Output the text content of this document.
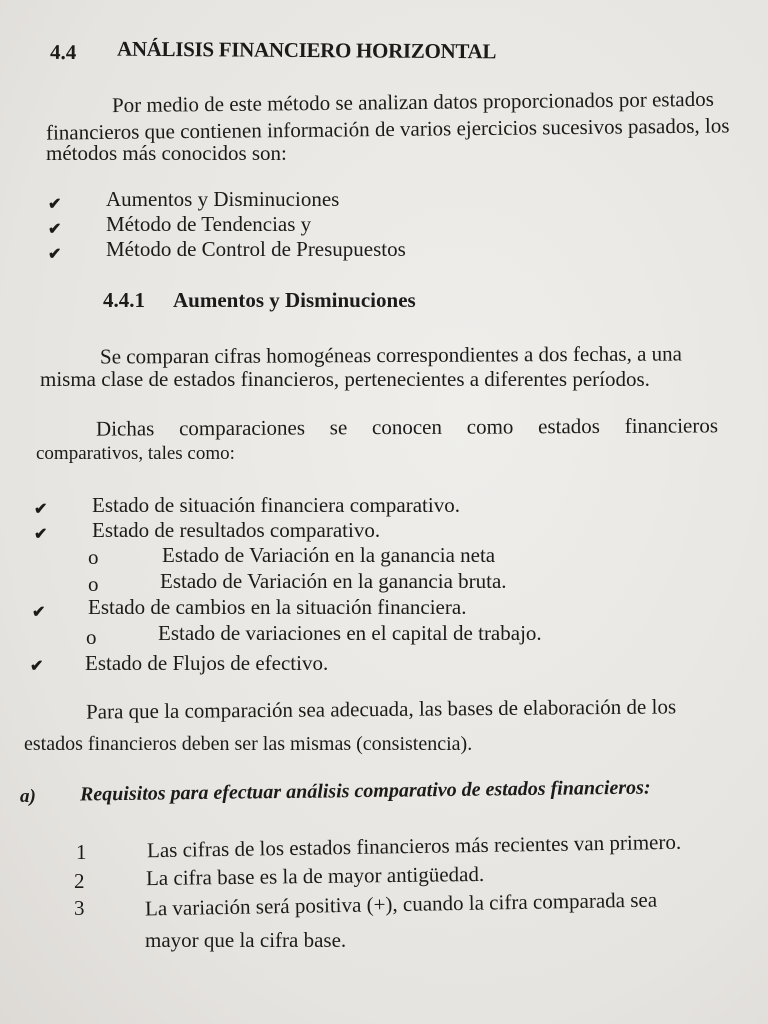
4.4 ANÁLISIS FINANCIERO HORIZONTAL
Por medio de este método se analizan datos proporcionados por estados
financieros que contienen información de varios ejercicios sucesivos pasados, los
métodos más conocidos son:
✔ Aumentos y Disminuciones
✔ Método de Tendencias y
✔ Método de Control de Presupuestos
4.4.1 Aumentos y Disminuciones
Se comparan cifras homogéneas correspondientes a dos fechas, a una
misma clase de estados financieros, pertenecientes a diferentes períodos.
Dichas comparaciones se conocen como estados financieros
comparativos, tales como:
✔ Estado de situación financiera comparativo.
✔ Estado de resultados comparativo.
o	Estado de Variación en la ganancia neta
o	Estado de Variación en la ganancia bruta.
✔ Estado de cambios en la situación financiera.
o	Estado de variaciones en el capital de trabajo.
✔ Estado de Flujos de efectivo.
Para que la comparación sea adecuada, las bases de elaboración de los
estados financieros deben ser las mismas (consistencia).
a) Requisitos para efectuar análisis comparativo de estados financieros:
1	Las cifras de los estados financieros más recientes van primero.
2	La cifra base es la de mayor antigüedad.
3	La variación será positiva (+), cuando la cifra comparada sea
mayor que la cifra base.
